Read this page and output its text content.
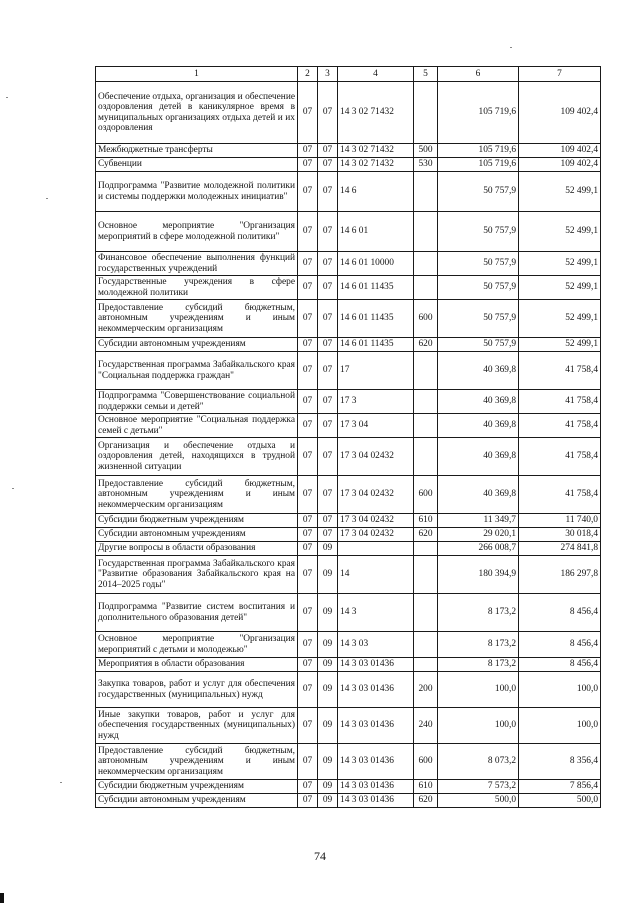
1	2	3	4	5	6	7
Обеспечение отдыха, организация и обеспечение оздоровления детей в каникулярное время в муниципальных организациях отдыха детей и их оздоровления	07	07	14 3 02 71432		105 719,6	109 402,4
Межбюджетные трансферты	07	07	14 3 02 71432	500	105 719,6	109 402,4
Субвенции	07	07	14 3 02 71432	530	105 719,6	109 402,4
Подпрограмма "Развитие молодежной политики и системы поддержки молодежных инициатив"	07	07	14 6		50 757,9	52 499,1
Основное мероприятие "Организация мероприятий в сфере молодежной политики"	07	07	14 6 01		50 757,9	52 499,1
Финансовое обеспечение выполнения функций государственных учреждений	07	07	14 6 01 10000		50 757,9	52 499,1
Государственные учреждения в сфере молодежной политики	07	07	14 6 01 11435		50 757,9	52 499,1
Предоставление субсидий бюджетным, автономным учреждениям и иным некоммерческим организациям	07	07	14 6 01 11435	600	50 757,9	52 499,1
Субсидии автономным учреждениям	07	07	14 6 01 11435	620	50 757,9	52 499,1
Государственная программа Забайкальского края "Социальная поддержка граждан"	07	07	17		40 369,8	41 758,4
Подпрограмма "Совершенствование социальной поддержки семьи и детей"	07	07	17 3		40 369,8	41 758,4
Основное мероприятие "Социальная поддержка семей с детьми"	07	07	17 3 04		40 369,8	41 758,4
Организация и обеспечение отдыха и оздоровления детей, находящихся в трудной жизненной ситуации	07	07	17 3 04 02432		40 369,8	41 758,4
Предоставление субсидий бюджетным, автономным учреждениям и иным некоммерческим организациям	07	07	17 3 04 02432	600	40 369,8	41 758,4
Субсидии бюджетным учреждениям	07	07	17 3 04 02432	610	11 349,7	11 740,0
Субсидии автономным учреждениям	07	07	17 3 04 02432	620	29 020,1	30 018,4
Другие вопросы в области образования	07	09			266 008,7	274 841,8
Государственная программа Забайкальского края "Развитие образования Забайкальского края на 2014–2025 годы"	07	09	14		180 394,9	186 297,8
Подпрограмма "Развитие систем воспитания и дополнительного образования детей"	07	09	14 3		8 173,2	8 456,4
Основное мероприятие "Организация мероприятий с детьми и молодежью"	07	09	14 3 03		8 173,2	8 456,4
Мероприятия в области образования	07	09	14 3 03 01436		8 173,2	8 456,4
Закупка товаров, работ и услуг для обеспечения государственных (муниципальных) нужд	07	09	14 3 03 01436	200	100,0	100,0
Иные закупки товаров, работ и услуг для обеспечения государственных (муниципальных) нужд	07	09	14 3 03 01436	240	100,0	100,0
Предоставление субсидий бюджетным, автономным учреждениям и иным некоммерческим организациям	07	09	14 3 03 01436	600	8 073,2	8 356,4
Субсидии бюджетным учреждениям	07	09	14 3 03 01436	610	7 573,2	7 856,4
Субсидии автономным учреждениям	07	09	14 3 03 01436	620	500,0	500,0
74
